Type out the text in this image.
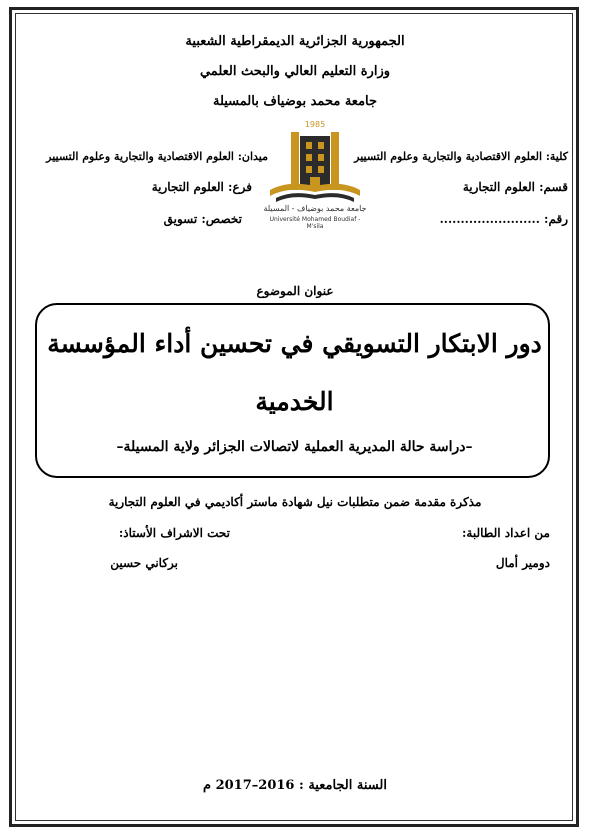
الجمهورية الجزائرية الديمقراطية الشعبية
وزارة التعليم العالي والبحث العلمي
جامعة محمد بوضياف بالمسيلة
1985
جامعة محمد بوضياف - المسيلة
Université Mohamed Boudiaf - M'sila
كلية: العلوم الاقتصادية والتجارية وعلوم التسيير
قسم: العلوم التجارية
رقم: ........................
ميدان: العلوم الاقتصادية والتجارية وعلوم التسيير
فرع: العلوم التجارية
تخصص: تسويق
عنوان الموضوع
دور الابتكار التسويقي في تحسين أداء المؤسسة
الخدمية
–دراسة حالة المديرية العملية لاتصالات الجزائر ولاية المسيلة–
مذكرة مقدمة ضمن متطلبات نيل شهادة ماستر أكاديمي في العلوم التجارية
من اعداد الطالبة:
دومير أمال
تحت الاشراف الأستاذ:
بركاني حسين
السنة الجامعية : 2016–2017 م
